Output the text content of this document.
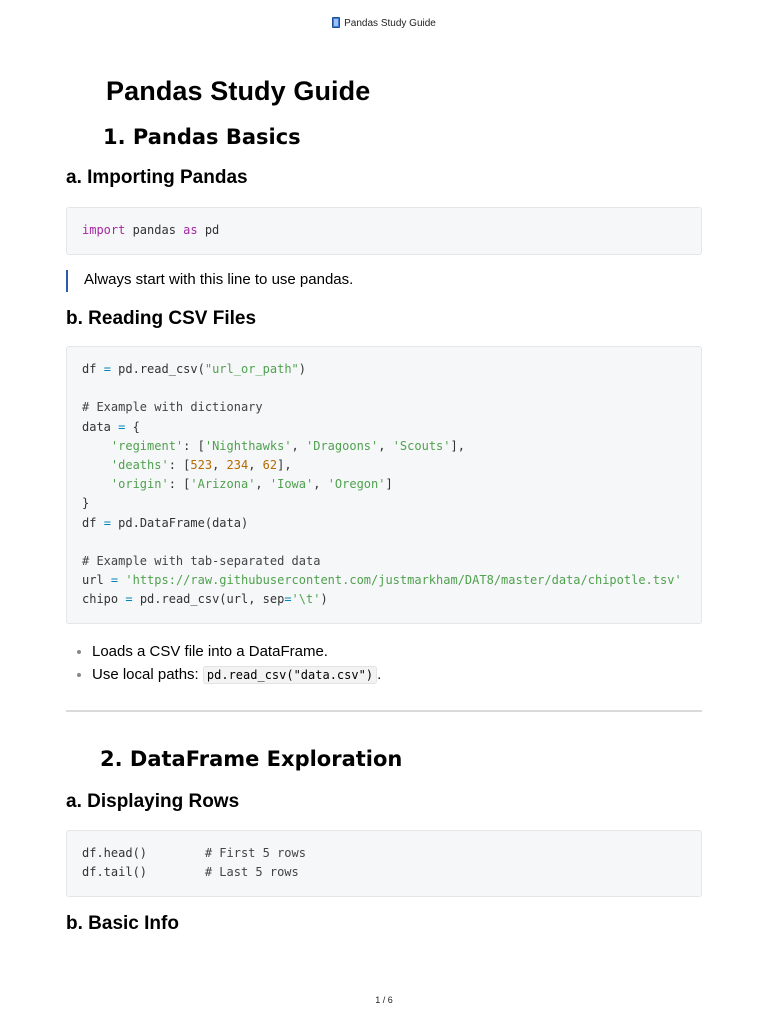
Pandas Study Guide
Pandas Study Guide
1. Pandas Basics
a. Importing Pandas
import pandas as pd
Always start with this line to use pandas.
b. Reading CSV Files
df = pd.read_csv("url_or_path")

# Example with dictionary
data = {
'regiment': ['Nighthawks', 'Dragoons', 'Scouts'],
'deaths': [523, 234, 62],
'origin': ['Arizona', 'Iowa', 'Oregon']
}
df = pd.DataFrame(data)

# Example with tab-separated data
url = 'https://raw.githubusercontent.com/justmarkham/DAT8/master/data/chipotle.tsv'
chipo = pd.read_csv(url, sep='\t')
• Loads a CSV file into a DataFrame.
• Use local paths: pd.read_csv("data.csv") .
2. DataFrame Exploration
a. Displaying Rows
df.head()        # First 5 rows
df.tail()        # Last 5 rows
b. Basic Info
1 / 6
